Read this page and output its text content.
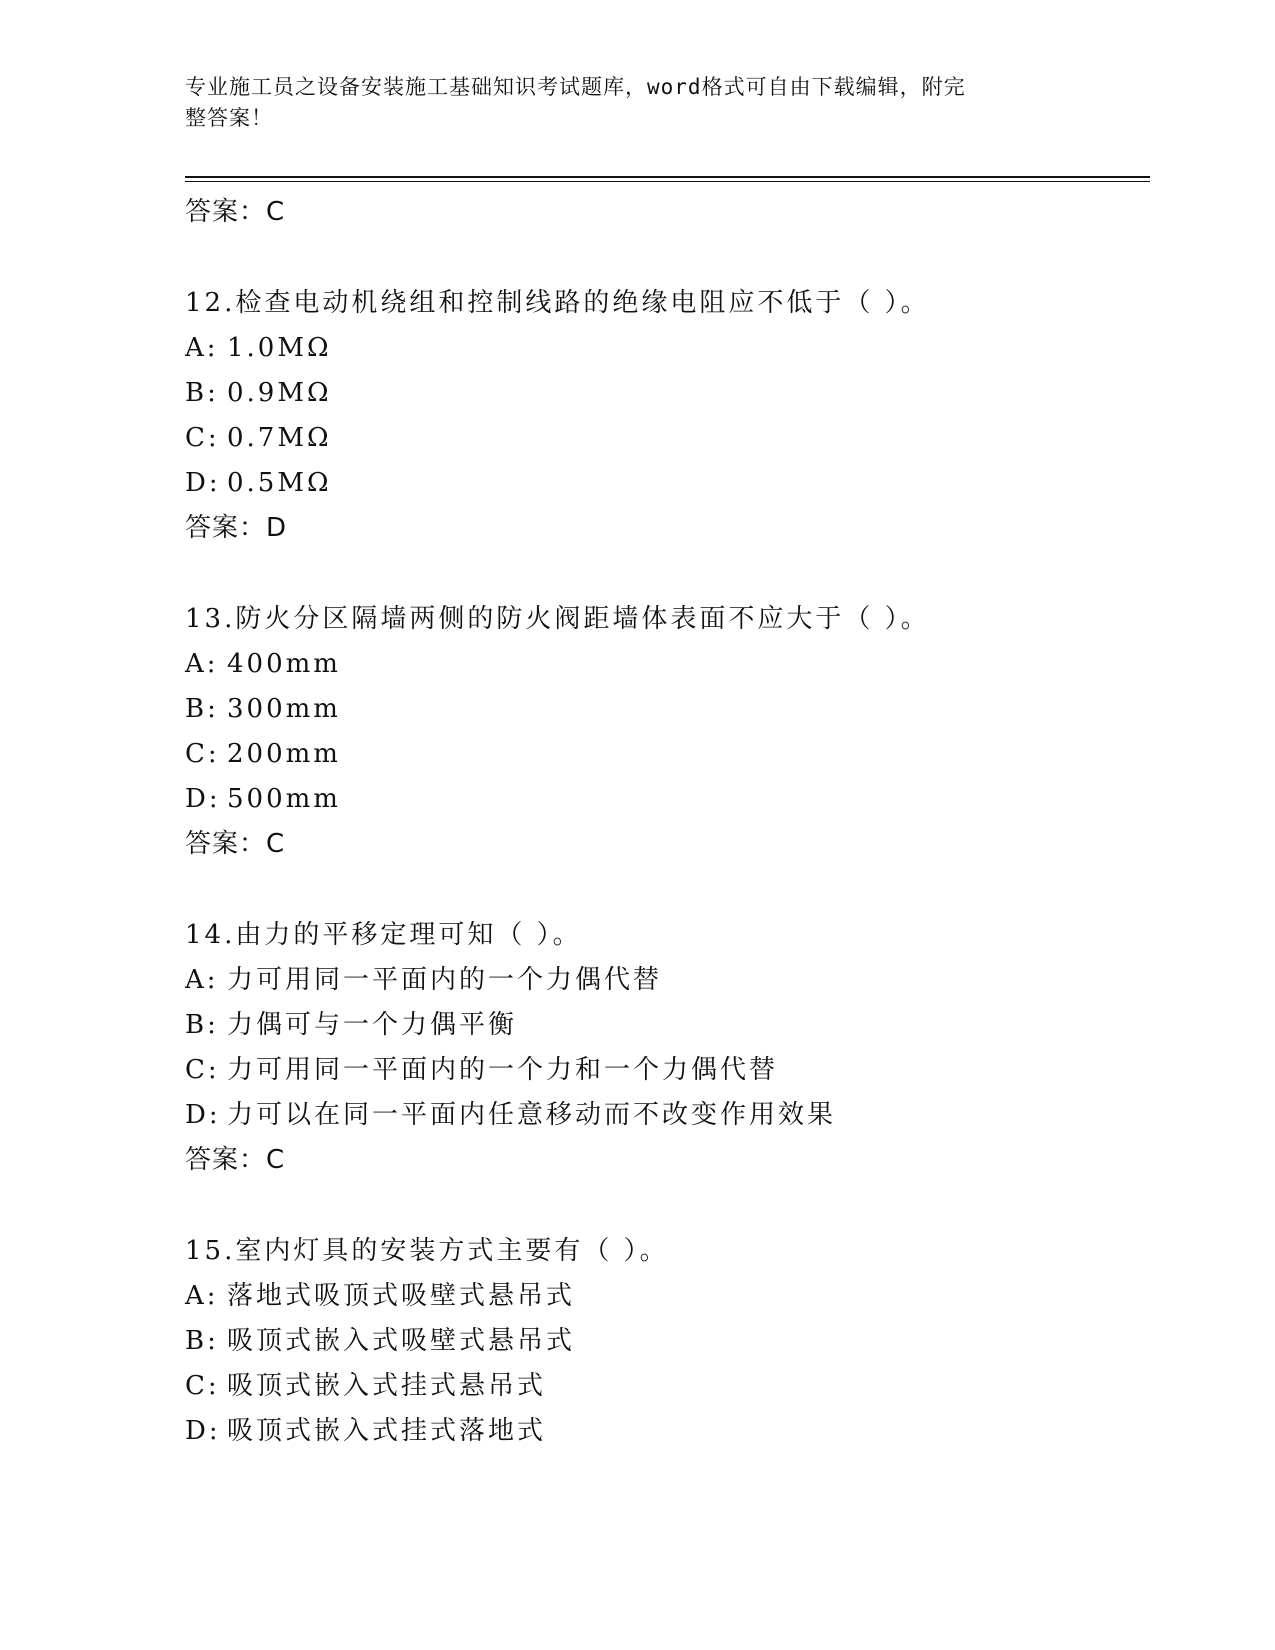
专业施工员之设备安装施工基础知识考试题库，word格式可自由下载编辑，附完
整答案！
答案：C
12.检查电动机绕组和控制线路的绝缘电阻应不低于（ ）。
A: 1.0MΩ
B: 0.9MΩ
C: 0.7MΩ
D: 0.5MΩ
答案：D
13.防火分区隔墙两侧的防火阀距墙体表面不应大于（ ）。
A: 400mm
B: 300mm
C: 200mm
D: 500mm
答案：C
14.由力的平移定理可知（ ）。
A: 力可用同一平面内的一个力偶代替
B: 力偶可与一个力偶平衡
C: 力可用同一平面内的一个力和一个力偶代替
D: 力可以在同一平面内任意移动而不改变作用效果
答案：C
15.室内灯具的安装方式主要有（ ）。
A: 落地式吸顶式吸壁式悬吊式
B: 吸顶式嵌入式吸壁式悬吊式
C: 吸顶式嵌入式挂式悬吊式
D: 吸顶式嵌入式挂式落地式
